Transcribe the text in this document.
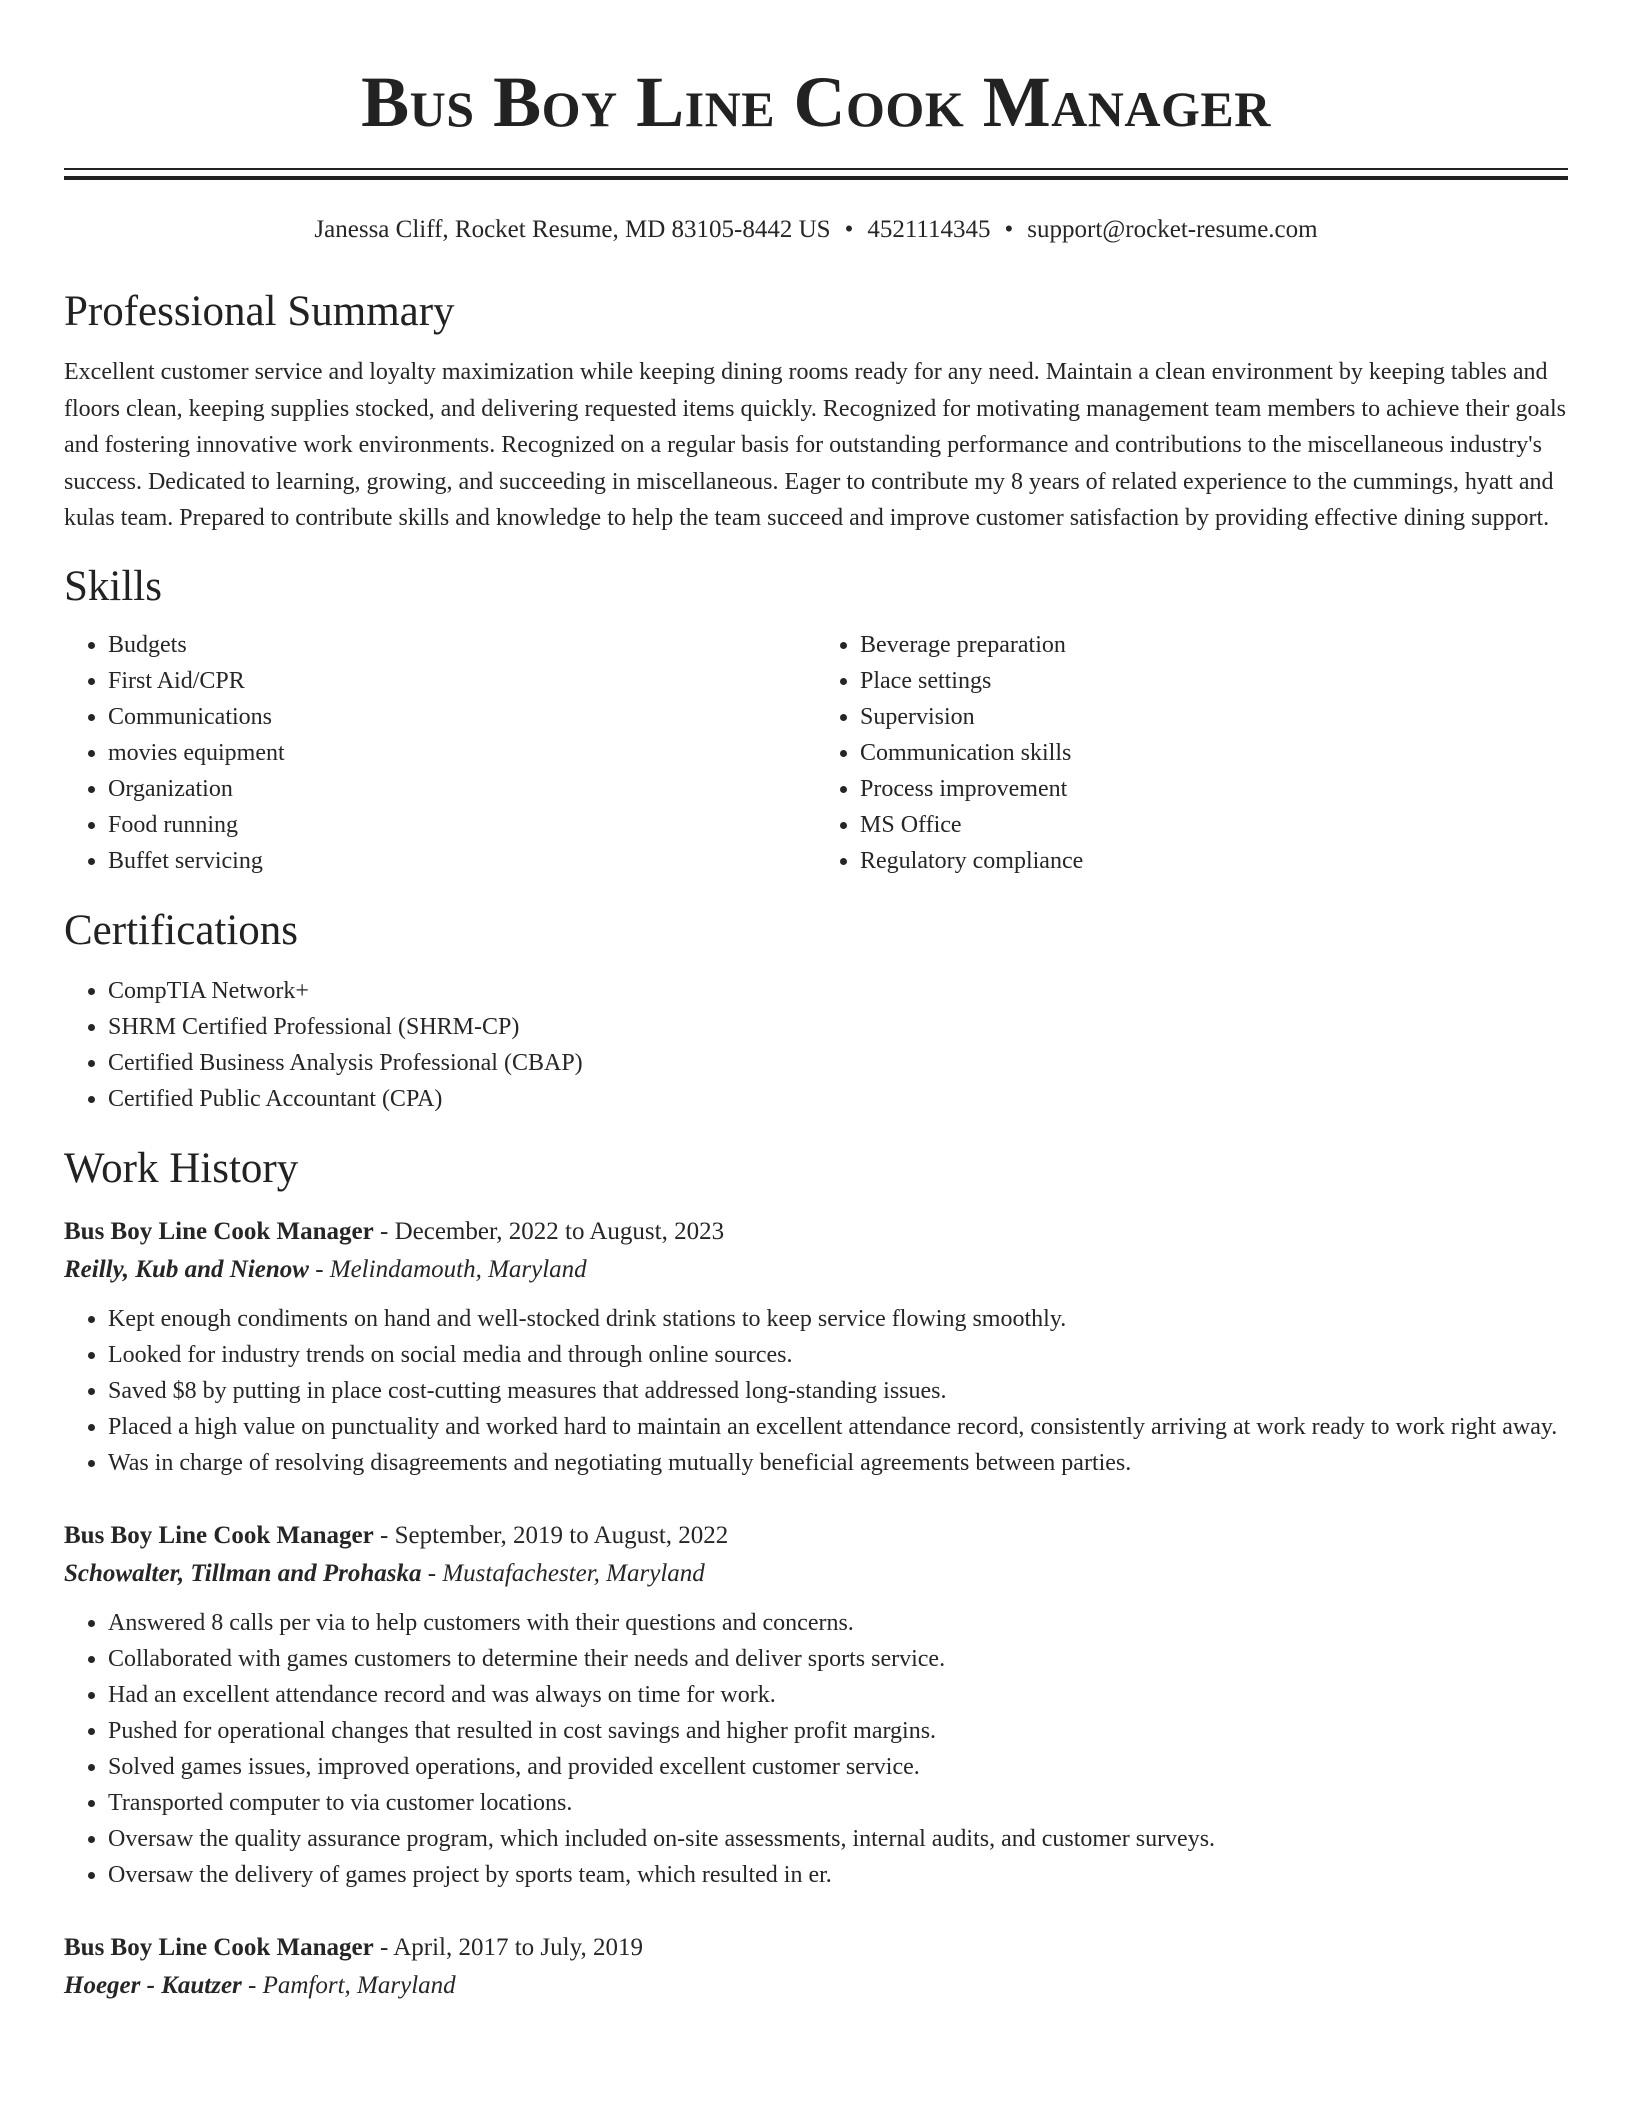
Bus Boy Line Cook Manager
Janessa Cliff, Rocket Resume, MD 83105-8442 US • 4521114345 • support@rocket-resume.com
Professional Summary

Excellent customer service and loyalty maximization while keeping dining rooms ready for any need. Maintain a clean environment by keeping tables and floors clean, keeping supplies stocked, and delivering requested items quickly. Recognized for motivating management team members to achieve their goals and fostering innovative work environments. Recognized on a regular basis for outstanding performance and contributions to the miscellaneous industry's success. Dedicated to learning, growing, and succeeding in miscellaneous. Eager to contribute my 8 years of related experience to the cummings, hyatt and kulas team. Prepared to contribute skills and knowledge to help the team succeed and improve customer satisfaction by providing effective dining support.

Skills
• Budgets
• First Aid/CPR
• Communications
• movies equipment
• Organization
• Food running
• Buffet servicing
• Beverage preparation
• Place settings
• Supervision
• Communication skills
• Process improvement
• MS Office
• Regulatory compliance
Certifications
• CompTIA Network+
• SHRM Certified Professional (SHRM-CP)
• Certified Business Analysis Professional (CBAP)
• Certified Public Accountant (CPA)
Work History
Bus Boy Line Cook Manager - December, 2022 to August, 2023
Reilly, Kub and Nienow - Melindamouth, Maryland
• Kept enough condiments on hand and well-stocked drink stations to keep service flowing smoothly.
• Looked for industry trends on social media and through online sources.
• Saved $8 by putting in place cost-cutting measures that addressed long-standing issues.
• Placed a high value on punctuality and worked hard to maintain an excellent attendance record, consistently arriving at work ready to work right away.
• Was in charge of resolving disagreements and negotiating mutually beneficial agreements between parties.
Bus Boy Line Cook Manager - September, 2019 to August, 2022
Schowalter, Tillman and Prohaska - Mustafachester, Maryland
• Answered 8 calls per via to help customers with their questions and concerns.
• Collaborated with games customers to determine their needs and deliver sports service.
• Had an excellent attendance record and was always on time for work.
• Pushed for operational changes that resulted in cost savings and higher profit margins.
• Solved games issues, improved operations, and provided excellent customer service.
• Transported computer to via customer locations.
• Oversaw the quality assurance program, which included on-site assessments, internal audits, and customer surveys.
• Oversaw the delivery of games project by sports team, which resulted in er.
Bus Boy Line Cook Manager - April, 2017 to July, 2019
Hoeger - Kautzer - Pamfort, Maryland
